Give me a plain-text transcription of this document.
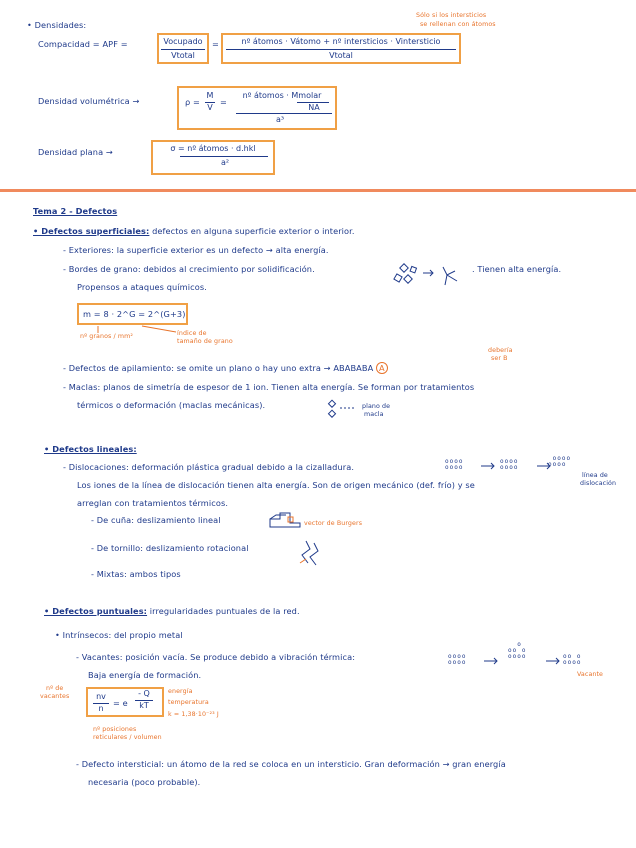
• Densidades:
Sólo si los intersticios
se rellenan con átomos
Compacidad = APF =	Vocupado
Vtotal
=	nº átomos · Vátomo + nº intersticios · Vintersticio
Vtotal
Densidad volumétrica →	ρ =
M
V
=
nº átomos · Mmolar
NA
a³
Densidad plana →	σ = nº átomos · d.hkl
a²
Tema 2 - Defectos
• Defectos superficiales: defectos en alguna superficie exterior o interior.
- Exteriores: la superficie exterior es un defecto → alta energía.
- Bordes de grano: debidos al crecimiento por solidificación.	. Tienen alta energía.
Propensos a ataques químicos.
m = 8 · 2^G = 2^(G+3)
nº granos / mm²	índice de
tamaño de grano
- Defectos de apilamiento: se omite un plano o hay uno extra → ABABABA A
debería
ser B
- Maclas: planos de simetría de espesor de 1 ion. Tienen alta energía. Se forman por tratamientos
térmicos o deformación (maclas mecánicas).	plano de
macla
• Defectos lineales:
- Dislocaciones: deformación plástica gradual debido a la cizalladura.
oooo
oooo
oooo
oooo
oooo
oooo
línea de
dislocación
Los iones de la línea de dislocación tienen alta energía. Son de origen mecánico (def. frío) y se
arreglan con tratamientos térmicos.
- De cuña: deslizamiento lineal	vector de Burgers
- De tornillo: deslizamiento rotacional
- Mixtas: ambos tipos
• Defectos puntuales: irregularidades puntuales de la red.
• Intrínsecos: del propio metal
- Vacantes: posición vacía. Se produce debido a vibración térmica:	oooo
oooo
o
oo o
oooo	oo o
oooo
Vacante
Baja energía de formación.
nº de
vacantes	nv
n
= e
- Q
kT
energía
temperatura
k = 1,38·10⁻²³ J
nº posiciones
reticulares / volumen
- Defecto intersticial: un átomo de la red se coloca en un intersticio. Gran deformación → gran energía
necesaria (poco probable).
